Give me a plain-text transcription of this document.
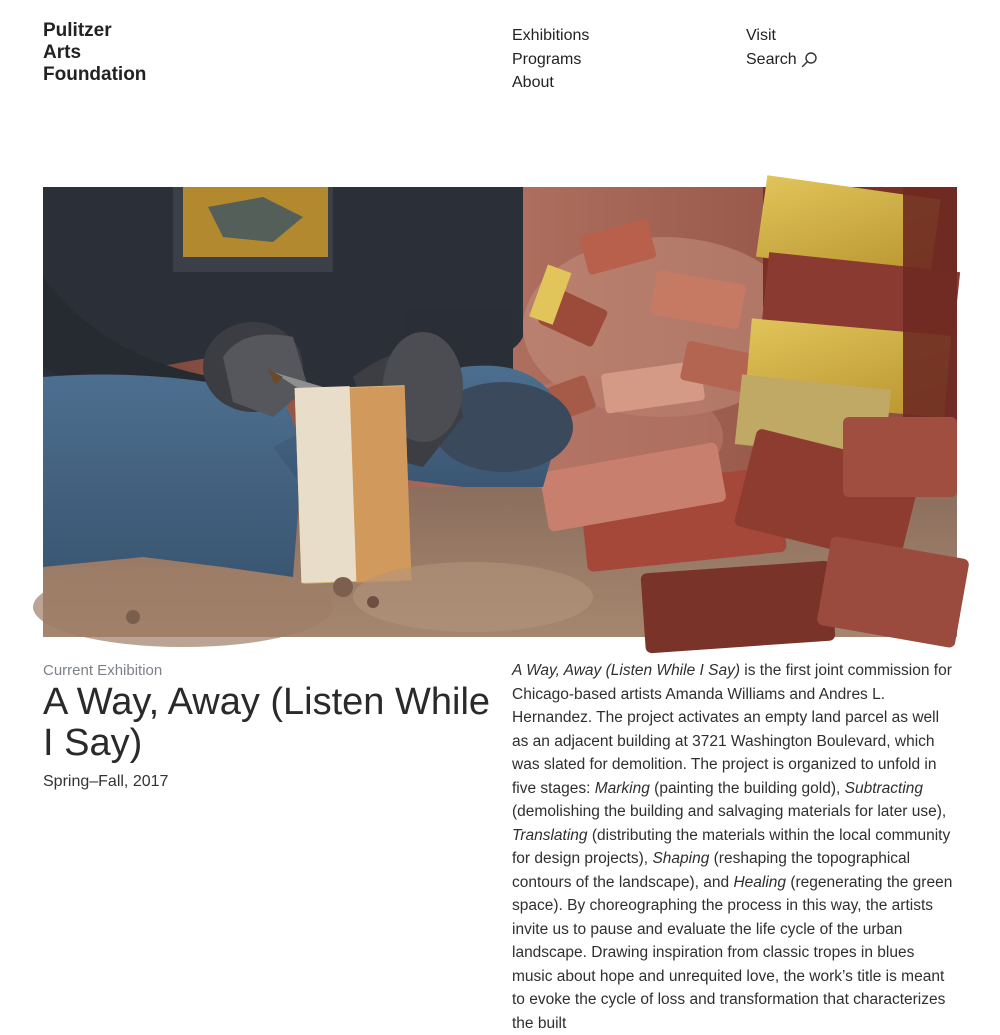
Pulitzer
Arts
Foundation
Exhibitions
Programs
About
Visit
Search
Current Exhibition
A Way, Away (Listen While I Say)
Spring–Fall, 2017

A Way, Away (Listen While I Say) is the first joint commission for Chicago-based artists Amanda Williams and Andres L. Hernandez. The project activates an empty land parcel as well as an adjacent building at 3721 Washington Boulevard, which was slated for demolition. The project is organized to unfold in five stages: Marking (painting the building gold), Subtracting (demolishing the building and salvaging materials for later use), Translating (distributing the materials within the local community for design projects), Shaping (reshaping the topographical contours of the landscape), and Healing (regenerating the green space). By choreographing the process in this way, the artists invite us to pause and evaluate the life cycle of the urban landscape. Drawing inspiration from classic tropes in blues music about hope and unrequited love, the work’s title is meant to evoke the cycle of loss and transformation that characterizes the built
